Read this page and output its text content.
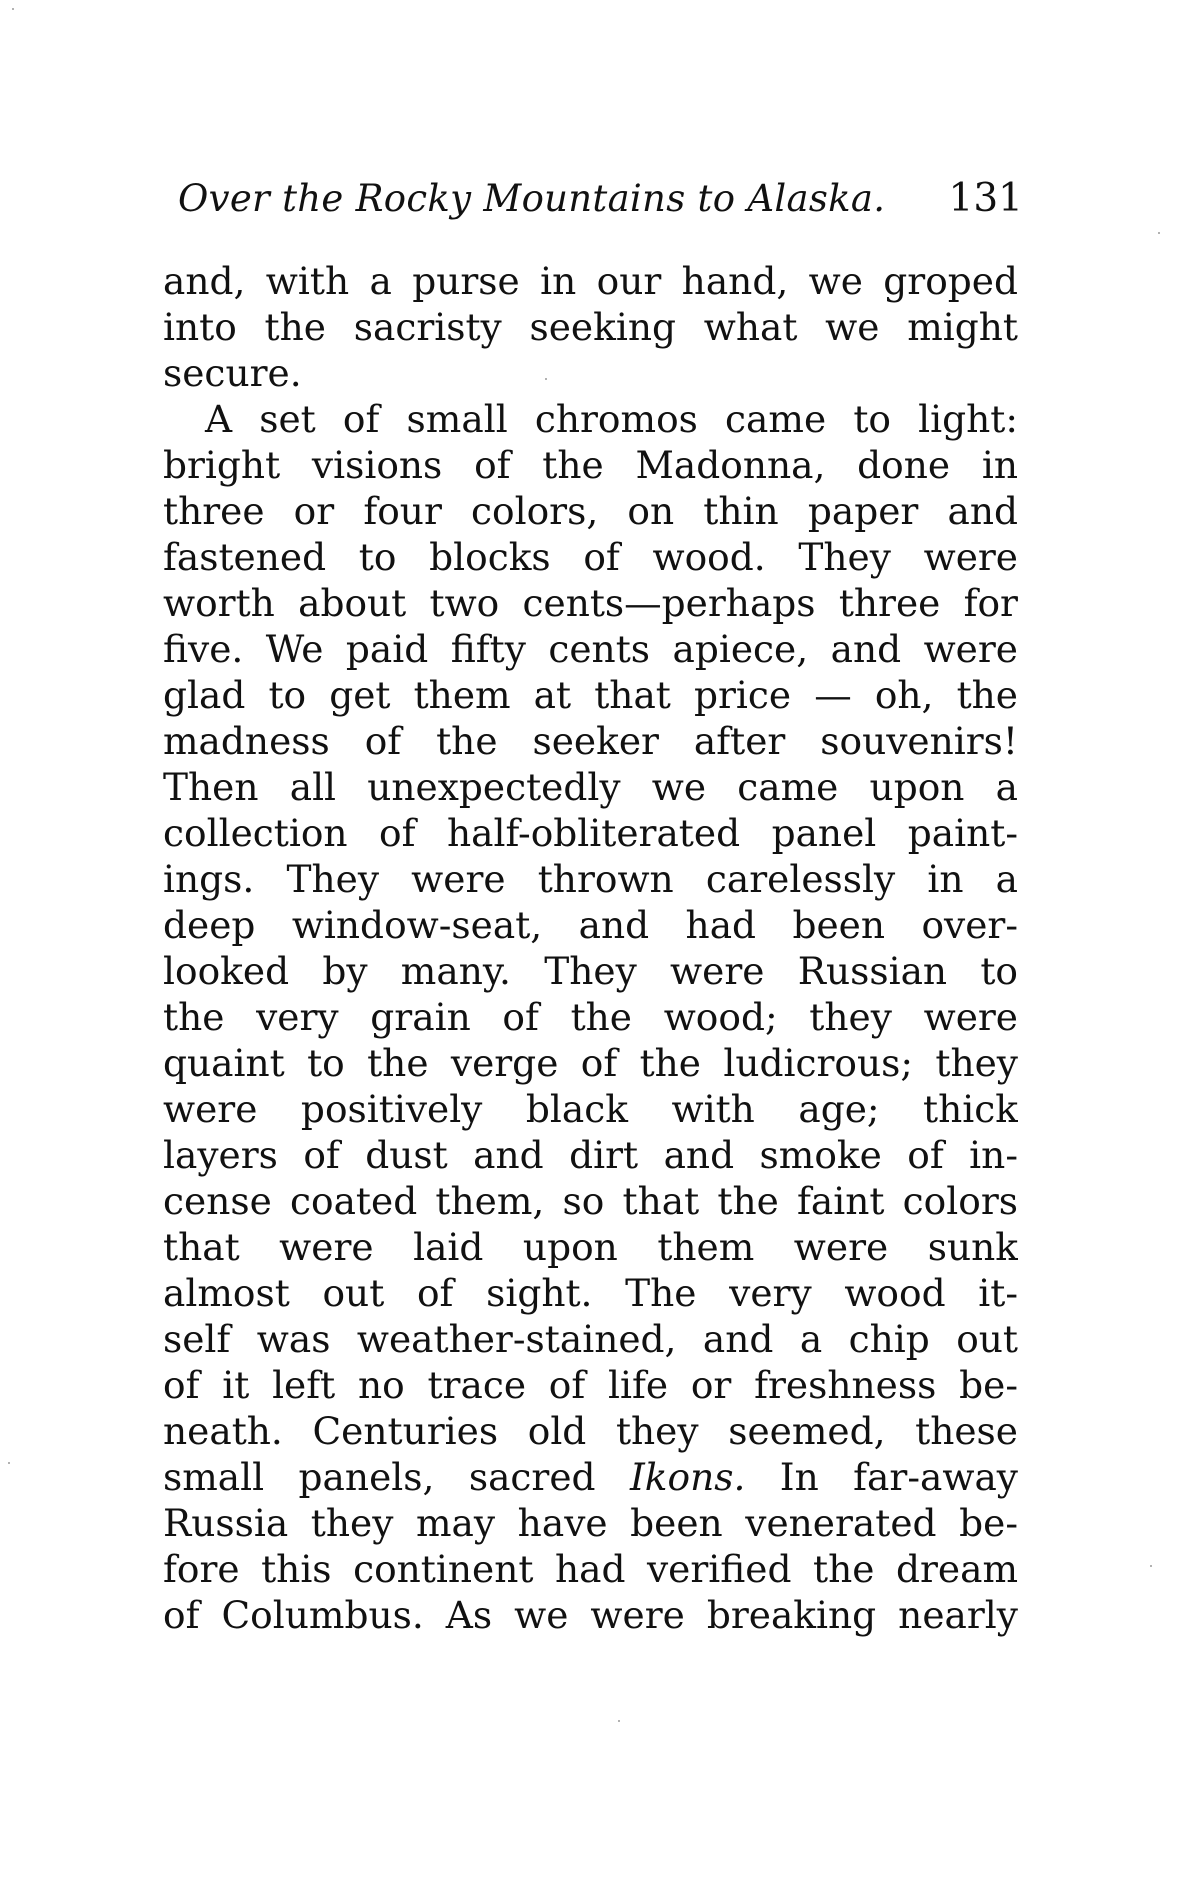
Over the Rocky Mountains to Alaska. 131
and, with a purse in our hand, we groped
into the sacristy seeking what we might
secure.
A set of small chromos came to light:
bright visions of the Madonna, done in
three or four colors, on thin paper and
fastened to blocks of wood. They were
worth about two cents—perhaps three for
five. We paid fifty cents apiece, and were
glad to get them at that price — oh, the
madness of the seeker after souvenirs!
Then all unexpectedly we came upon a
collection of half-obliterated panel paint-
ings. They were thrown carelessly in a
deep window-seat, and had been over-
looked by many. They were Russian to
the very grain of the wood; they were
quaint to the verge of the ludicrous; they
were positively black with age; thick
layers of dust and dirt and smoke of in-
cense coated them, so that the faint colors
that were laid upon them were sunk
almost out of sight. The very wood it-
self was weather-stained, and a chip out
of it left no trace of life or freshness be-
neath. Centuries old they seemed, these
small panels, sacred Ikons. In far-away
Russia they may have been venerated be-
fore this continent had verified the dream
of Columbus. As we were breaking nearly
